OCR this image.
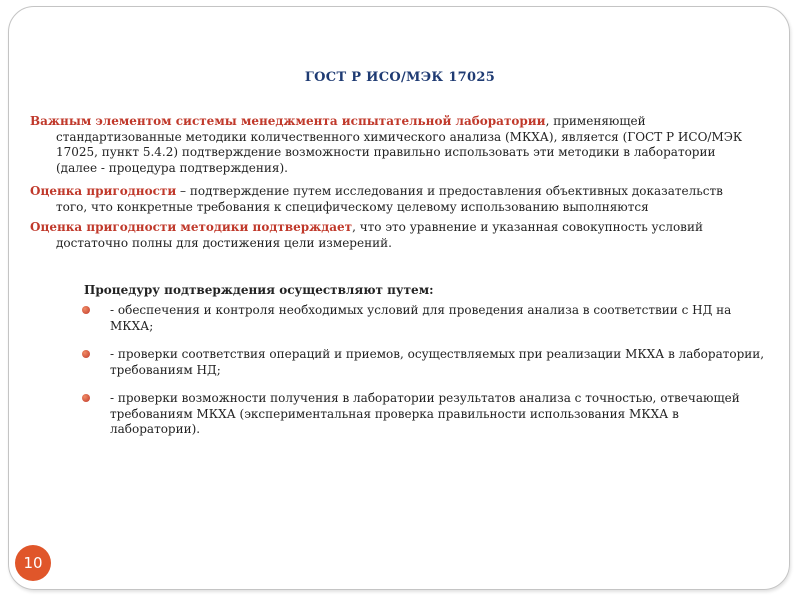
ГОСТ Р ИСО/МЭК 17025
Важным элементом системы менеджмента испытательной лаборатории, применяющей
стандартизованные методики количественного химического анализа (МКХА), является (ГОСТ Р ИСО/МЭК 17025, пункт 5.4.2) подтверждение возможности правильно использовать эти методики в лаборатории (далее - процедура подтверждения).
Оценка пригодности – подтверждение путем исследования и предоставления объективных доказательств
того, что конкретные требования к специфическому целевому использованию выполняются
Оценка пригодности методики подтверждает, что это уравнение и указанная совокупность условий
достаточно полны для достижения цели измерений.
Процедуру подтверждения осуществляют путем:
- обеспечения и контроля необходимых условий для проведения анализа в соответствии с НД на МКХА;
- проверки соответствия операций и приемов, осуществляемых при реализации МКХА в лаборатории, требованиям НД;
- проверки возможности получения в лаборатории результатов анализа с точностью, отвечающей требованиям МКХА (экспериментальная проверка правильности использования МКХА в лаборатории).
10
